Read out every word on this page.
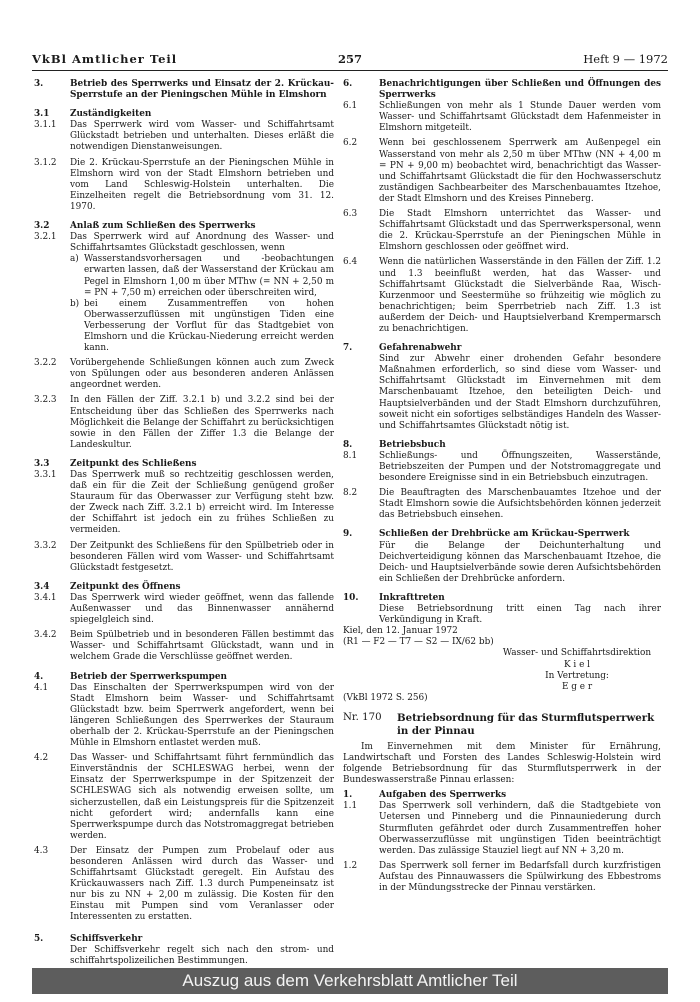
VkBl Amtlicher Teil	257	Heft 9 — 1972
3.	Betrieb des Sperrwerks und Einsatz der 2. Krückau-Sperrstufe an der Pieningschen Mühle in Elmshorn
3.1 Zuständigkeiten
3.1.1 Das Sperrwerk wird vom Wasser- und Schiffahrtsamt Glückstadt betrieben und unterhalten. Dieses erläßt die notwendigen Dienstanweisungen.
3.1.2 Die 2. Krückau-Sperrstufe an der Pieningschen Mühle in Elmshorn wird von der Stadt Elmshorn betrieben und vom Land Schleswig-Holstein unterhalten. Die Einzelheiten regelt die Betriebsordnung vom 31. 12. 1970.
3.2 Anlaß zum Schließen des Sperrwerks
3.2.1 Das Sperrwerk wird auf Anordnung des Wasser- und Schiffahrtsamtes Glückstadt geschlossen, wenn
a) Wasserstandsvorhersagen und -beobachtungen erwarten lassen, daß der Wasserstand der Krückau am Pegel in Elmshorn 1,00 m über MThw (= NN + 2,50 m = PN + 7,50 m) erreichen oder überschreiten wird,
b) bei einem Zusammentreffen von hohen Oberwasserzuflüssen mit ungünstigen Tiden eine Verbesserung der Vorflut für das Stadtgebiet von Elmshorn und die Krückau-Niederung erreicht werden kann.
3.2.2 Vorübergehende Schließungen können auch zum Zweck von Spülungen oder aus besonderen anderen Anlässen angeordnet werden.
3.2.3 In den Fällen der Ziff. 3.2.1 b) und 3.2.2 sind bei der Entscheidung über das Schließen des Sperrwerks nach Möglichkeit die Belange der Schiffahrt zu berücksichtigen sowie in den Fällen der Ziffer 1.3 die Belange der Landeskultur.
3.3 Zeitpunkt des Schließens
3.3.1 Das Sperrwerk muß so rechtzeitig geschlossen werden, daß ein für die Zeit der Schließung genügend großer Stauraum für das Oberwasser zur Verfügung steht bzw. der Zweck nach Ziff. 3.2.1 b) erreicht wird. Im Interesse der Schiffahrt ist jedoch ein zu frühes Schließen zu vermeiden.
3.3.2 Der Zeitpunkt des Schließens für den Spülbetrieb oder in besonderen Fällen wird vom Wasser- und Schiffahrtsamt Glückstadt festgesetzt.
3.4 Zeitpunkt des Öffnens
3.4.1 Das Sperrwerk wird wieder geöffnet, wenn das fallende Außenwasser und das Binnenwasser annähernd spiegelgleich sind.
3.4.2 Beim Spülbetrieb und in besonderen Fällen bestimmt das Wasser- und Schiffahrtsamt Glückstadt, wann und in welchem Grade die Verschlüsse geöffnet werden.
4.	Betrieb der Sperrwerkspumpen
4.1 Das Einschalten der Sperrwerkspumpen wird von der Stadt Elmshorn beim Wasser- und Schiffahrtsamt Glückstadt bzw. beim Sperrwerk angefordert, wenn bei längeren Schließungen des Sperrwerkes der Stauraum oberhalb der 2. Krückau-Sperrstufe an der Pieningschen Mühle in Elmshorn entlastet werden muß.
4.2 Das Wasser- und Schiffahrtsamt führt fernmündlich das Einverständnis der SCHLESWAG herbei, wenn der Einsatz der Sperrwerkspumpe in der Spitzenzeit der SCHLESWAG sich als notwendig erweisen sollte, um sicherzustellen, daß ein Leistungspreis für die Spitzenzeit nicht gefordert wird; andernfalls kann eine Sperrwerkspumpe durch das Notstromaggregat betrieben werden.
4.3 Der Einsatz der Pumpen zum Probelauf oder aus besonderen Anlässen wird durch das Wasser- und Schiffahrtsamt Glückstadt geregelt. Ein Aufstau des Krückauwassers nach Ziff. 1.3 durch Pumpeneinsatz ist nur bis zu NN + 2,00 m zulässig. Die Kosten für den Einstau mit Pumpen sind vom Veranlasser oder Interessenten zu erstatten.
5.	Schiffsverkehr
Der Schiffsverkehr regelt sich nach den strom- und schiffahrtspolizeilichen Bestimmungen.
6.	Benachrichtigungen über Schließen und Öffnungen des Sperrwerks
6.1 Schließungen von mehr als 1 Stunde Dauer werden vom Wasser- und Schiffahrtsamt Glückstadt dem Hafenmeister in Elmshorn mitgeteilt.
6.2 Wenn bei geschlossenem Sperrwerk am Außenpegel ein Wasserstand von mehr als 2,50 m über MThw (NN + 4,00 m = PN + 9,00 m) beobachtet wird, benachrichtigt das Wasser- und Schiffahrtsamt Glückstadt die für den Hochwasserschutz zuständigen Sachbearbeiter des Marschenbauamtes Itzehoe, der Stadt Elmshorn und des Kreises Pinneberg.
6.3 Die Stadt Elmshorn unterrichtet das Wasser- und Schiffahrtsamt Glückstadt und das Sperrwerkspersonal, wenn die 2. Krückau-Sperrstufe an der Pieningschen Mühle in Elmshorn geschlossen oder geöffnet wird.
6.4 Wenn die natürlichen Wasserstände in den Fällen der Ziff. 1.2 und 1.3 beeinflußt werden, hat das Wasser- und Schiffahrtsamt Glückstadt die Sielverbände Raa, Wisch-Kurzenmoor und Seestermühe so frühzeitig wie möglich zu benachrichtigen; beim Sperrbetrieb nach Ziff. 1.3 ist außerdem der Deich- und Hauptsielverband Krempermarsch zu benachrichtigen.
7.	Gefahrenabwehr
Sind zur Abwehr einer drohenden Gefahr besondere Maßnahmen erforderlich, so sind diese vom Wasser- und Schiffahrtsamt Glückstadt im Einvernehmen mit dem Marschenbauamt Itzehoe, den beteiligten Deich- und Hauptsielverbänden und der Stadt Elmshorn durchzuführen, soweit nicht ein sofortiges selbständiges Handeln des Wasser- und Schiffahrtsamtes Glückstadt nötig ist.
8.	Betriebsbuch
8.1 Schließungs- und Öffnungszeiten, Wasserstände, Betriebszeiten der Pumpen und der Notstromaggregate und besondere Ereignisse sind in ein Betriebsbuch einzutragen.
8.2 Die Beauftragten des Marschenbauamtes Itzehoe und der Stadt Elmshorn sowie die Aufsichtsbehörden können jederzeit das Betriebsbuch einsehen.
9.	Schließen der Drehbrücke am Krückau-Sperrwerk
Für die Belange der Deichunterhaltung und Deichverteidigung können das Marschenbauamt Itzehoe, die Deich- und Hauptsielverbände sowie deren Aufsichtsbehörden ein Schließen der Drehbrücke anfordern.
10. Inkrafttreten
Diese Betriebsordnung tritt einen Tag nach ihrer Verkündigung in Kraft.
Kiel, den 12. Januar 1972
(R1 — F2 — T7 — S2 — IX/62 bb)
Wasser- und Schiffahrtsdirektion
K i e l
In Vertretung:
E g e r
(VkBl 1972 S. 256)
Nr. 170 Betriebsordnung für das Sturmflutsperrwerk in der Pinnau
Im Einvernehmen mit dem Minister für Ernährung, Landwirtschaft und Forsten des Landes Schleswig-Holstein wird folgende Betriebsordnung für das Sturmflutsperrwerk in der Bundeswasserstraße Pinnau erlassen:
1.	Aufgaben des Sperrwerks
1.1 Das Sperrwerk soll verhindern, daß die Stadtgebiete von Uetersen und Pinneberg und die Pinnauniederung durch Sturmfluten gefährdet oder durch Zusammentreffen hoher Oberwasserzuflüsse mit ungünstigen Tiden beeinträchtigt werden. Das zulässige Stauziel liegt auf NN + 3,20 m.
1.2 Das Sperrwerk soll ferner im Bedarfsfall durch kurzfristigen Aufstau des Pinnauwassers die Spülwirkung des Ebbestroms in der Mündungsstrecke der Pinnau verstärken.
Auszug aus dem Verkehrsblatt Amtlicher Teil
